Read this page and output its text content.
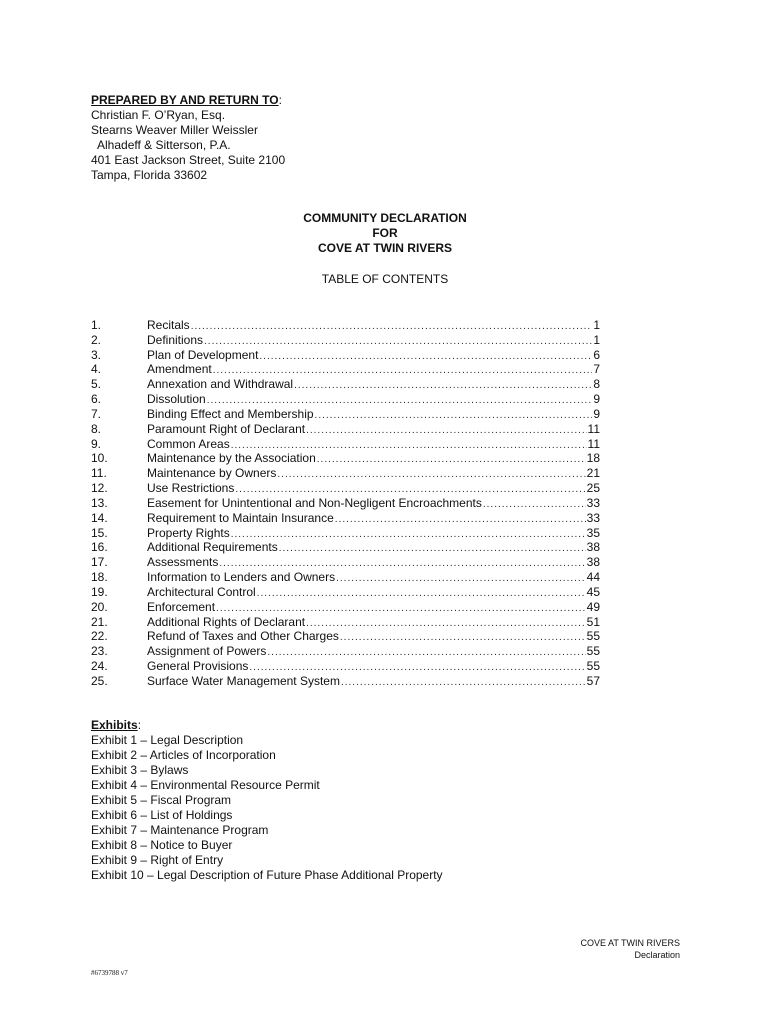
PREPARED BY AND RETURN TO:
Christian F. O’Ryan, Esq.
Stearns Weaver Miller Weissler
Alhadeff & Sitterson, P.A.
401 East Jackson Street, Suite 2100
Tampa, Florida 33602
COMMUNITY DECLARATION
FOR
COVE AT TWIN RIVERS
TABLE OF CONTENTS
1.	Recitals .....	1
2.	Definitions .....	1
3.	Plan of Development .....	6
4.	Amendment .....	7
5.	Annexation and Withdrawal .....	8
6.	Dissolution .....	9
7.	Binding Effect and Membership .....	9
8.	Paramount Right of Declarant .....	11
9.	Common Areas .....	11
10.	Maintenance by the Association .....	18
11.	Maintenance by Owners .....	21
12.	Use Restrictions .....	25
13.	Easement for Unintentional and Non-Negligent Encroachments .....	33
14.	Requirement to Maintain Insurance .....	33
15.	Property Rights .....	35
16.	Additional Requirements .....	38
17.	Assessments .....	38
18.	Information to Lenders and Owners .....	44
19.	Architectural Control .....	45
20.	Enforcement .....	49
21.	Additional Rights of Declarant .....	51
22.	Refund of Taxes and Other Charges .....	55
23.	Assignment of Powers .....	55
24.	General Provisions .....	55
25.	Surface Water Management System .....	57
Exhibits:
Exhibit 1 – Legal Description
Exhibit 2 – Articles of Incorporation
Exhibit 3 – Bylaws
Exhibit 4 – Environmental Resource Permit
Exhibit 5 – Fiscal Program
Exhibit 6 – List of Holdings
Exhibit 7 – Maintenance Program
Exhibit 8 – Notice to Buyer
Exhibit 9 – Right of Entry
Exhibit 10 – Legal Description of Future Phase Additional Property
COVE AT TWIN RIVERS
Declaration
#6739788 v7
